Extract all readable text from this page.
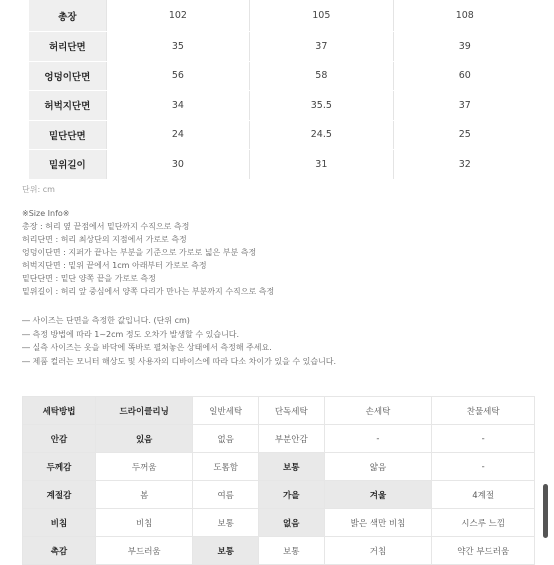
총장	102	105	108
허리단면	35	37	39
엉덩이단면	56	58	60
허벅지단면	34	35.5	37
밑단단면	24	24.5	25
밑위길이	30	31	32
단위: cm
※Size Info※
총장 : 허리 옆 끝점에서 밑단까지 수직으로 측정
허리단면 : 허리 최상단의 지점에서 가로로 측정
엉덩이단면 : 지퍼가 끝나는 부분을 기준으로 가로로 넓은 부분 측정
허벅지단면 : 밑위 끝에서 1cm 아래부터 가로로 측정
밑단단면 : 밑단 양쪽 끝을 가로로 측정
밑위길이 : 허리 앞 중심에서 양쪽 다리가 만나는 부분까지 수직으로 측정
― 사이즈는 단면을 측정한 값입니다. (단위 cm)
― 측정 방법에 따라 1~2cm 정도 오차가 발생할 수 있습니다.
― 실측 사이즈는 옷을 바닥에 똑바로 펼쳐놓은 상태에서 측정해 주세요.
― 제품 컬러는 모니터 해상도 및 사용자의 디바이스에 따라 다소 차이가 있을 수 있습니다.
세탁방법	드라이클리닝	일반세탁	단독세탁	손세탁	찬물세탁
안감	있음	없음	부분안감	-	-
두께감	두꺼움	도톰함	보통	얇음	-
계절감	봄	여름	가을	겨울	4계절
비침	비침	보통	없음	밝은 색만 비침	시스루 느낌
촉감	부드러움	보통	보통	거침	약간 부드러움
